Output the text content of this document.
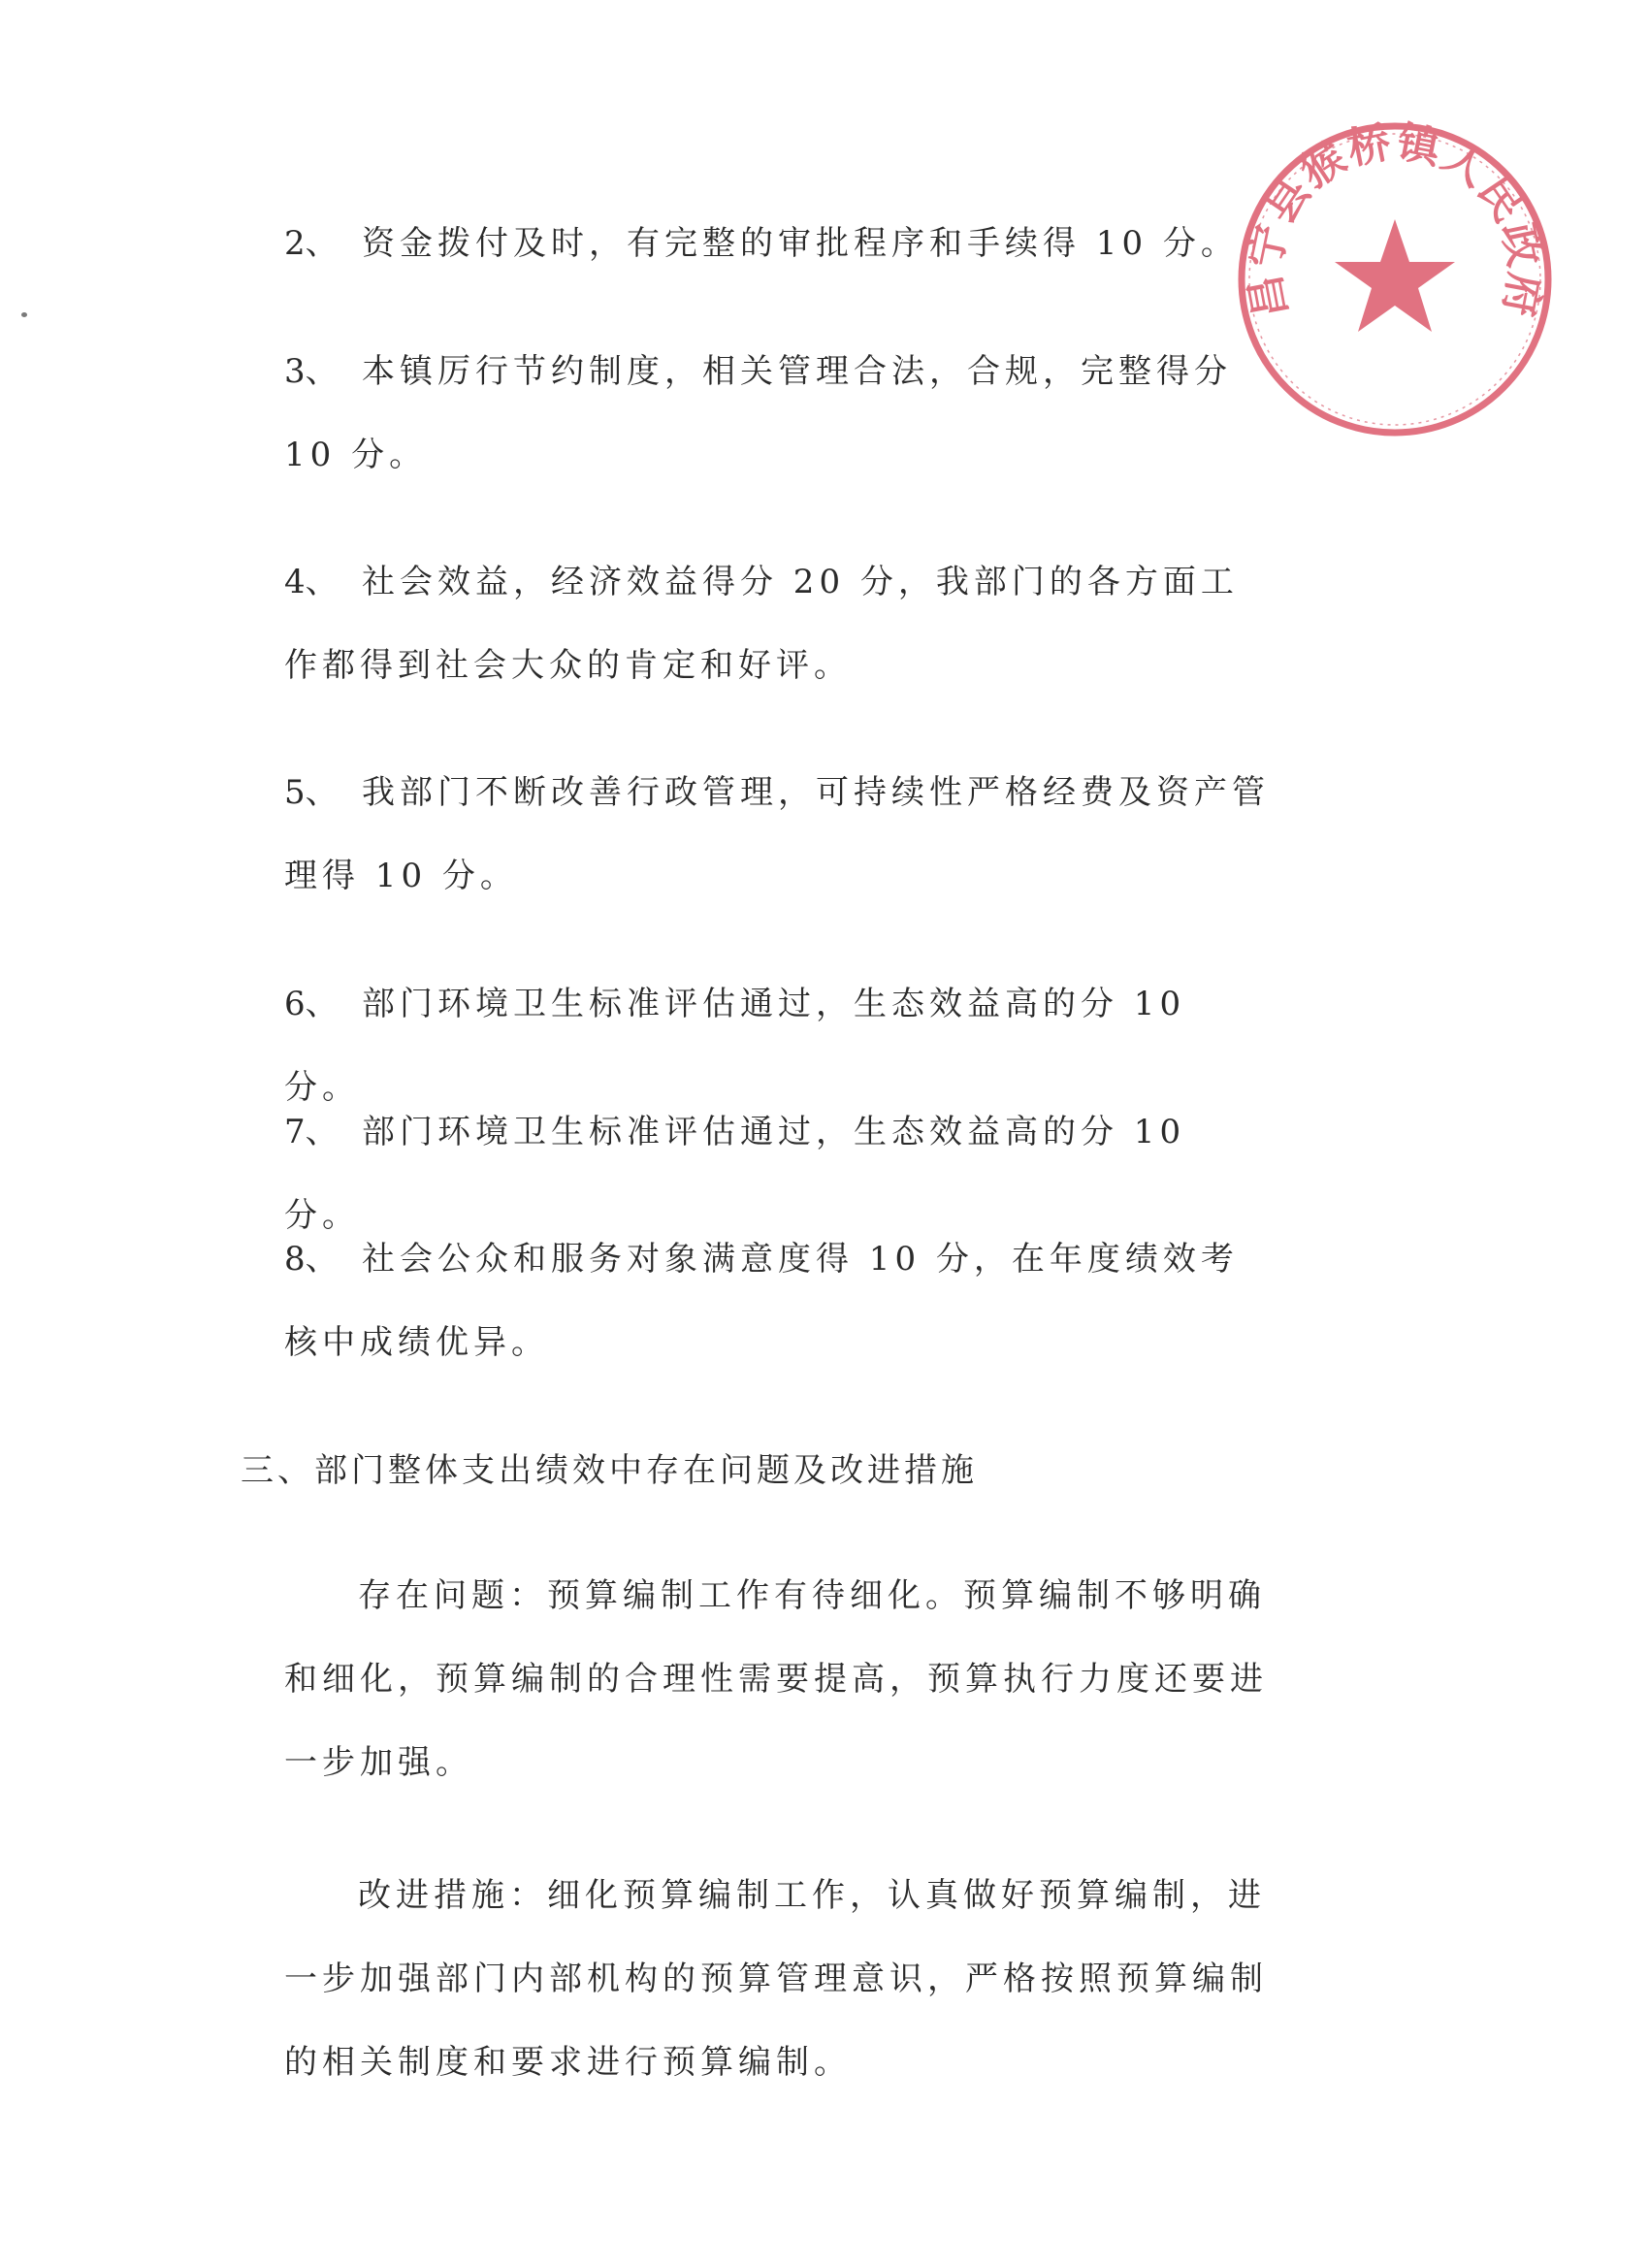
2、 资金拨付及时，有完整的审批程序和手续得 10 分。

3、 本镇厉行节约制度，相关管理合法，合规，完整得分 10 分。

4、 社会效益，经济效益得分 20 分，我部门的各方面工作都得到社会大众的肯定和好评。

5、 我部门不断改善行政管理，可持续性严格经费及资产管理得 10 分。

6、 部门环境卫生标准评估通过，生态效益高的分 10 分。

7、 部门环境卫生标准评估通过，生态效益高的分 10 分。

8、 社会公众和服务对象满意度得 10 分，在年度绩效考核中成绩优异。

三、部门整体支出绩效中存在问题及改进措施

存在问题：预算编制工作有待细化。预算编制不够明确和细化，预算编制的合理性需要提高，预算执行力度还要进一步加强。

改进措施：细化预算编制工作，认真做好预算编制，进一步加强部门内部机构的预算管理意识，严格按照预算编制的相关制度和要求进行预算编制。

昌宁县猴桥镇人民政府
